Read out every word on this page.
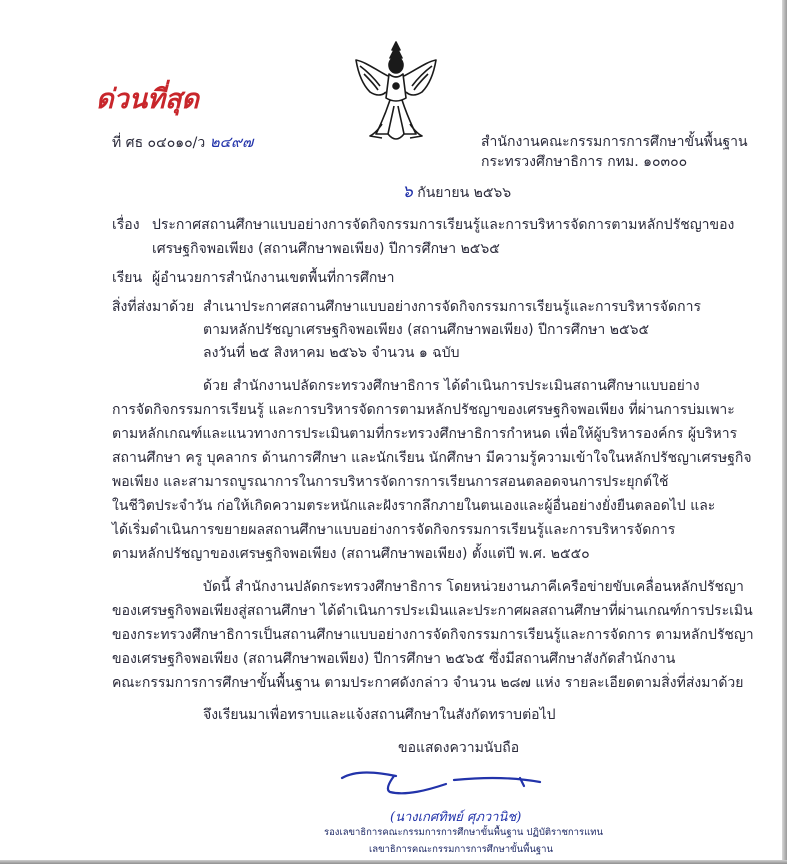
ด่วนที่สุด
ที่ ศธ ๐๔๐๑๐/ว ๒๔๙๗	สำนักงานคณะกรรมการการศึกษาขั้นพื้นฐาน
กระทรวงศึกษาธิการ กทม. ๑๐๓๐๐
๖ กันยายน ๒๕๖๖
เรื่อง ประกาศสถานศึกษาแบบอย่างการจัดกิจกรรมการเรียนรู้และการบริหารจัดการตามหลักปรัชญาของ
เศรษฐกิจพอเพียง (สถานศึกษาพอเพียง) ปีการศึกษา ๒๕๖๕
เรียน ผู้อำนวยการสำนักงานเขตพื้นที่การศึกษา
สิ่งที่ส่งมาด้วย สำเนาประกาศสถานศึกษาแบบอย่างการจัดกิจกรรมการเรียนรู้และการบริหารจัดการ
ตามหลักปรัชญาเศรษฐกิจพอเพียง (สถานศึกษาพอเพียง) ปีการศึกษา ๒๕๖๕
ลงวันที่ ๒๕ สิงหาคม ๒๕๖๖ จำนวน ๑ ฉบับ
ด้วย สำนักงานปลัดกระทรวงศึกษาธิการ ได้ดำเนินการประเมินสถานศึกษาแบบอย่าง
การจัดกิจกรรมการเรียนรู้ และการบริหารจัดการตามหลักปรัชญาของเศรษฐกิจพอเพียง ที่ผ่านการบ่มเพาะ
ตามหลักเกณฑ์และแนวทางการประเมินตามที่กระทรวงศึกษาธิการกำหนด เพื่อให้ผู้บริหารองค์กร ผู้บริหาร
สถานศึกษา ครู บุคลากร ด้านการศึกษา และนักเรียน นักศึกษา มีความรู้ความเข้าใจในหลักปรัชญาเศรษฐกิจ
พอเพียง และสามารถบูรณาการในการบริหารจัดการการเรียนการสอนตลอดจนการประยุกต์ใช้
ในชีวิตประจำวัน ก่อให้เกิดความตระหนักและฝังรากลึกภายในตนเองและผู้อื่นอย่างยั่งยืนตลอดไป และ
ได้เริ่มดำเนินการขยายผลสถานศึกษาแบบอย่างการจัดกิจกรรมการเรียนรู้และการบริหารจัดการ
ตามหลักปรัชญาของเศรษฐกิจพอเพียง (สถานศึกษาพอเพียง) ตั้งแต่ปี พ.ศ. ๒๕๕๐
บัดนี้ สำนักงานปลัดกระทรวงศึกษาธิการ โดยหน่วยงานภาคีเครือข่ายขับเคลื่อนหลักปรัชญา
ของเศรษฐกิจพอเพียงสู่สถานศึกษา ได้ดำเนินการประเมินและประกาศผลสถานศึกษาที่ผ่านเกณฑ์การประเมิน
ของกระทรวงศึกษาธิการเป็นสถานศึกษาแบบอย่างการจัดกิจกรรมการเรียนรู้และการจัดการ ตามหลักปรัชญา
ของเศรษฐกิจพอเพียง (สถานศึกษาพอเพียง) ปีการศึกษา ๒๕๖๕ ซึ่งมีสถานศึกษาสังกัดสำนักงาน
คณะกรรมการการศึกษาขั้นพื้นฐาน ตามประกาศดังกล่าว จำนวน ๒๘๗ แห่ง รายละเอียดตามสิ่งที่ส่งมาด้วย
จึงเรียนมาเพื่อทราบและแจ้งสถานศึกษาในสังกัดทราบต่อไป
ขอแสดงความนับถือ
(นางเกศทิพย์ ศุภวานิช)
รองเลขาธิการคณะกรรมการการศึกษาขั้นพื้นฐาน ปฏิบัติราชการแทน
เลขาธิการคณะกรรมการการศึกษาขั้นพื้นฐาน
